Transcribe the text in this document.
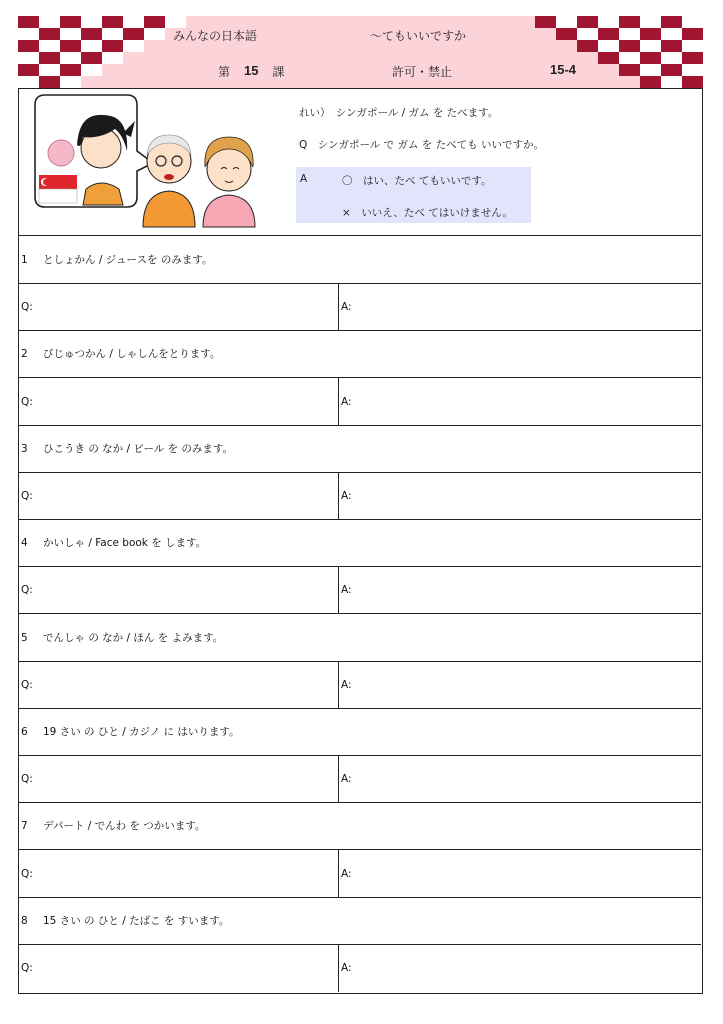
みんなの日本語	〜てもいいですか
第 15 課	許可・禁止	15-4
れい）　シンガポール / ガム を たべます。
Q　シンガポール で ガム を たべても いいですか。
A	〇　はい、たべ てもいいです。
×　いいえ、たべ てはいけません。
1 としょかん / ジュースを のみます。
Q:	A:
2 びじゅつかん / しゃしんをとります。
Q:	A:
3 ひこうき の なか / ビール を のみます。
Q:	A:
4 かいしゃ / Face book を します。
Q:	A:
5 でんしゃ の なか / ほん を よみます。
Q:	A:
6 19 さい の ひと / カジノ に はいります。
Q:	A:
7 デパート / でんわ を つかいます。
Q:	A:
8 15 さい の ひと / たばこ を すいます。
Q:	A:
